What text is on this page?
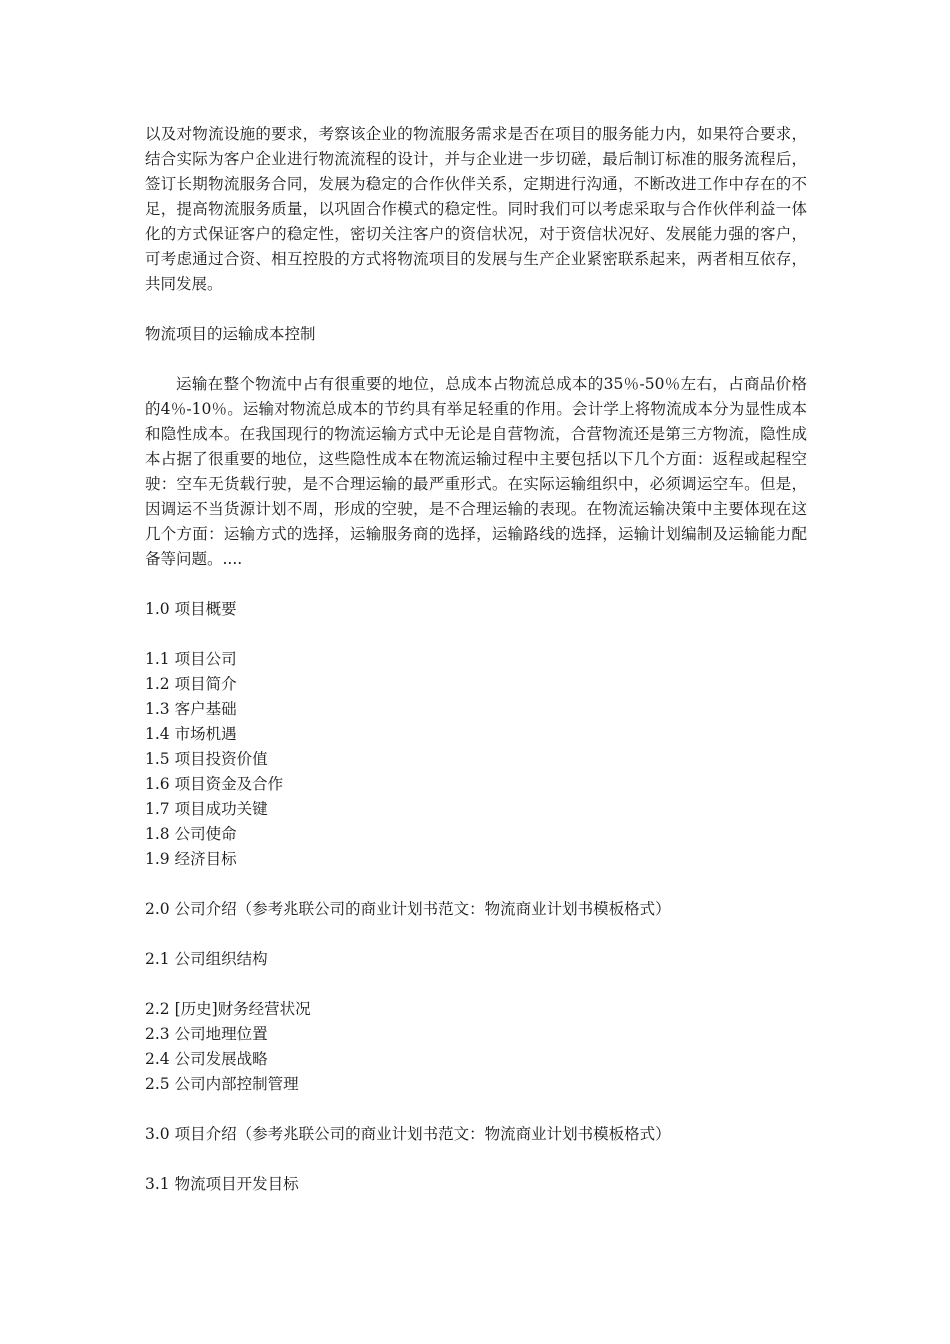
以及对物流设施的要求，考察该企业的物流服务需求是否在项目的服务能力内，如果符合要求，结合实际为客户企业进行物流流程的设计，并与企业进一步切磋，最后制订标准的服务流程后，签订长期物流服务合同，发展为稳定的合作伙伴关系，定期进行沟通，不断改进工作中存在的不足，提高物流服务质量，以巩固合作模式的稳定性。同时我们可以考虑采取与合作伙伴利益一体化的方式保证客户的稳定性，密切关注客户的资信状况，对于资信状况好、发展能力强的客户，可考虑通过合资、相互控股的方式将物流项目的发展与生产企业紧密联系起来，两者相互依存，共同发展。

物流项目的运输成本控制

运输在整个物流中占有很重要的地位，总成本占物流总成本的35％-50％左右，占商品价格的4％-10％。运输对物流总成本的节约具有举足轻重的作用。会计学上将物流成本分为显性成本和隐性成本。在我国现行的物流运输方式中无论是自营物流，合营物流还是第三方物流，隐性成本占据了很重要的地位，这些隐性成本在物流运输过程中主要包括以下几个方面：返程或起程空驶：空车无货载行驶，是不合理运输的最严重形式。在实际运输组织中，必须调运空车。但是，因调运不当货源计划不周，形成的空驶，是不合理运输的表现。在物流运输决策中主要体现在这几个方面：运输方式的选择，运输服务商的选择，运输路线的选择，运输计划编制及运输能力配备等问题。....

1.0 项目概要

1.1 项目公司

1.2 项目简介

1.3 客户基础

1.4 市场机遇

1.5 项目投资价值

1.6 项目资金及合作

1.7 项目成功关键

1.8 公司使命

1.9 经济目标

2.0 公司介绍（参考兆联公司的商业计划书范文：物流商业计划书模板格式）

2.1 公司组织结构

2.2 [历史]财务经营状况

2.3 公司地理位置

2.4 公司发展战略

2.5 公司内部控制管理

3.0 项目介绍（参考兆联公司的商业计划书范文：物流商业计划书模板格式）

3.1 物流项目开发目标
